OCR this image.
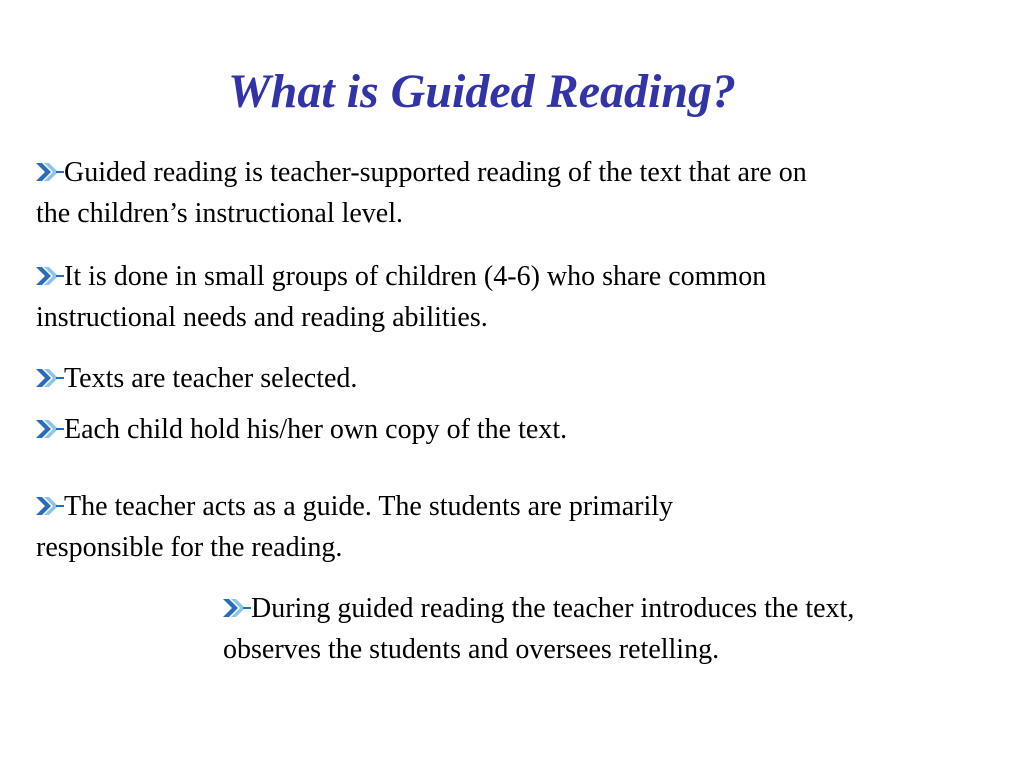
What is Guided Reading?

Guided reading is teacher-supported reading of the text that are on the children’s instructional level.

It is done in small groups of children (4-6) who share common instructional needs and reading abilities.

Texts are teacher selected.

Each child hold his/her own copy of the text.

The teacher acts as a guide. The students are primarily responsible for the reading.

During guided reading the teacher introduces the text, observes the students and oversees retelling.
